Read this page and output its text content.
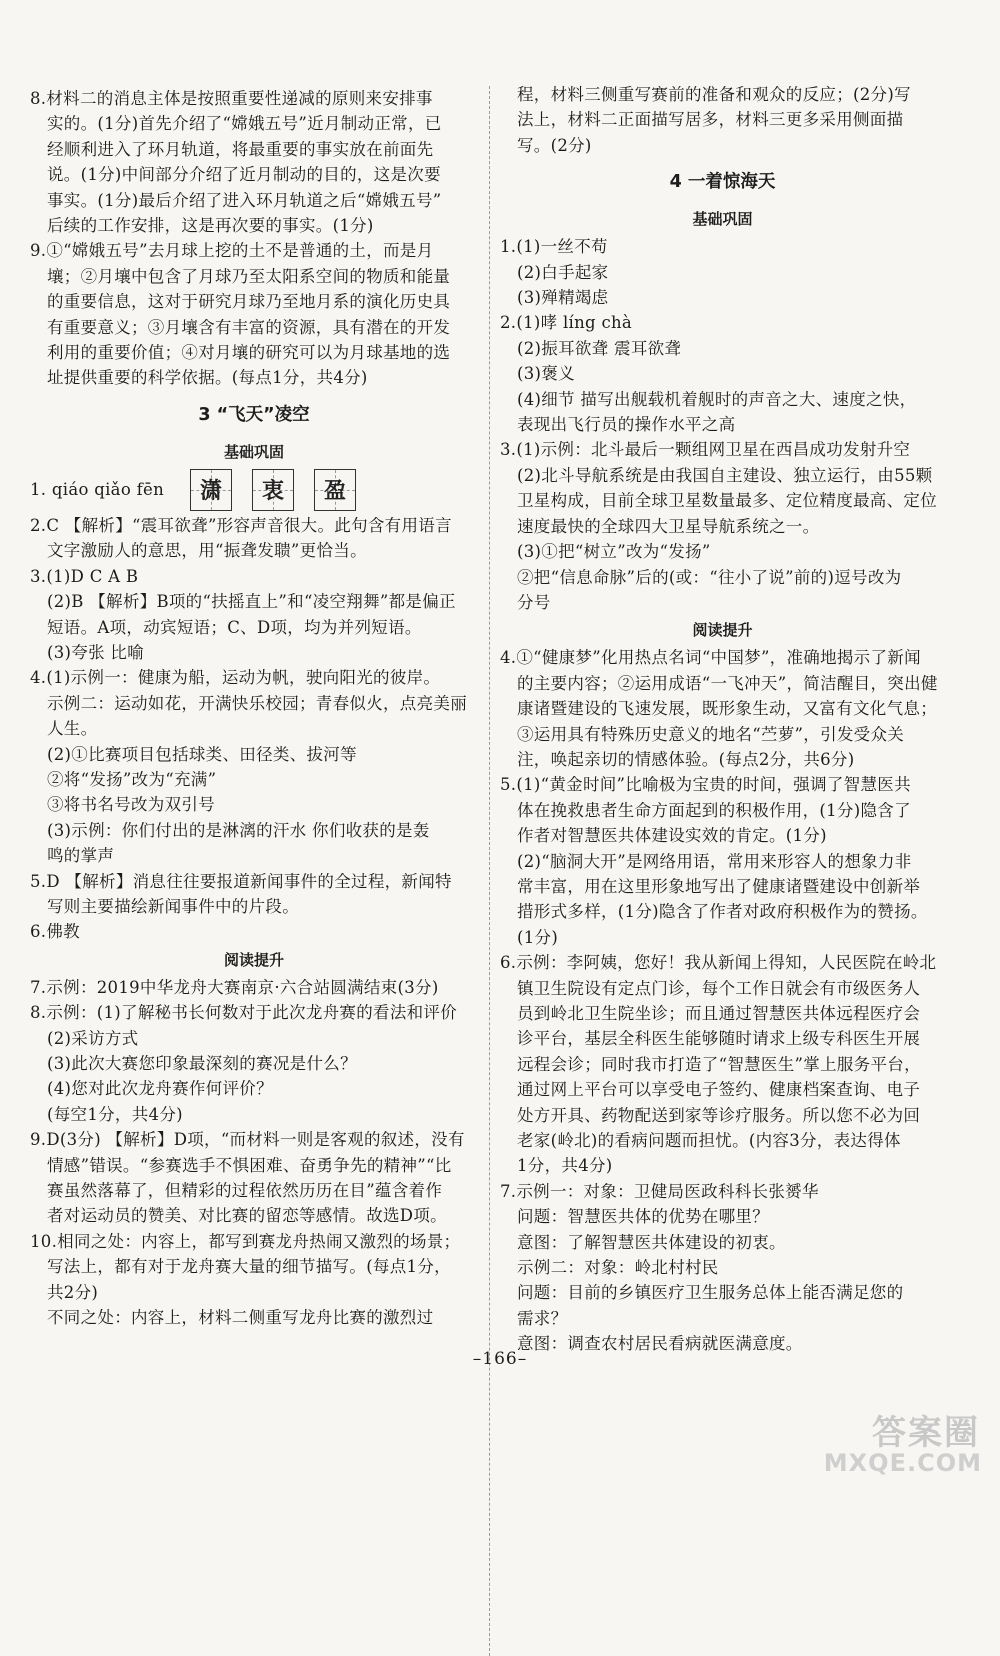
8.材料二的消息主体是按照重要性递减的原则来安排事

实的。(1分)首先介绍了“嫦娥五号”近月制动正常，已

经顺利进入了环月轨道，将最重要的事实放在前面先

说。(1分)中间部分介绍了近月制动的目的，这是次要

事实。(1分)最后介绍了进入环月轨道之后“嫦娥五号”

后续的工作安排，这是再次要的事实。(1分)

9.①“嫦娥五号”去月球上挖的土不是普通的土，而是月

壤；②月壤中包含了月球乃至太阳系空间的物质和能量

的重要信息，这对于研究月球乃至地月系的演化历史具

有重要意义；③月壤含有丰富的资源，具有潜在的开发

利用的重要价值；④对月壤的研究可以为月球基地的选

址提供重要的科学依据。(每点1分，共4分)

3 “飞天”凌空
基础巩固
1. qiáo qiǎo fēn 潇 衷 盈

2.C 【解析】“震耳欲聋”形容声音很大。此句含有用语言

文字激励人的意思，用“振聋发聩”更恰当。

3.(1)D C A B

(2)B 【解析】B项的“扶摇直上”和“凌空翔舞”都是偏正

短语。A项，动宾短语；C、D项，均为并列短语。

(3)夸张 比喻

4.(1)示例一：健康为船，运动为帆，驶向阳光的彼岸。

示例二：运动如花，开满快乐校园；青春似火，点亮美丽

人生。

(2)①比赛项目包括球类、田径类、拔河等

②将“发扬”改为“充满”

③将书名号改为双引号

(3)示例：你们付出的是淋漓的汗水 你们收获的是轰

鸣的掌声

5.D 【解析】消息往往要报道新闻事件的全过程，新闻特

写则主要描绘新闻事件中的片段。

6.佛教

阅读提升

7.示例：2019中华龙舟大赛南京·六合站圆满结束(3分)

8.示例：(1)了解秘书长何数对于此次龙舟赛的看法和评价

(2)采访方式

(3)此次大赛您印象最深刻的赛况是什么？

(4)您对此次龙舟赛作何评价？

(每空1分，共4分)

9.D(3分) 【解析】D项，“而材料一则是客观的叙述，没有

情感”错误。“参赛选手不惧困难、奋勇争先的精神”“比

赛虽然落幕了，但精彩的过程依然历历在目”蕴含着作

者对运动员的赞美、对比赛的留恋等感情。故选D项。

10.相同之处：内容上，都写到赛龙舟热闹又激烈的场景；

写法上，都有对于龙舟赛大量的细节描写。(每点1分，

共2分)

不同之处：内容上，材料二侧重写龙舟比赛的激烈过

程，材料三侧重写赛前的准备和观众的反应；(2分)写

法上，材料二正面描写居多，材料三更多采用侧面描

写。(2分)

4 一着惊海天
基础巩固

1.(1)一丝不苟

(2)白手起家

(3)殚精竭虑

2.(1)哮 líng chà

(2)振耳欲聋 震耳欲聋

(3)褒义

(4)细节 描写出舰载机着舰时的声音之大、速度之快，

表现出飞行员的操作水平之高

3.(1)示例：北斗最后一颗组网卫星在西昌成功发射升空

(2)北斗导航系统是由我国自主建设、独立运行，由55颗

卫星构成，目前全球卫星数量最多、定位精度最高、定位

速度最快的全球四大卫星导航系统之一。

(3)①把“树立”改为“发扬”

②把“信息命脉”后的(或：“往小了说”前的)逗号改为

分号

阅读提升

4.①“健康梦”化用热点名词“中国梦”，准确地揭示了新闻

的主要内容；②运用成语“一飞冲天”，简洁醒目，突出健

康诸暨建设的飞速发展，既形象生动，又富有文化气息；

③运用具有特殊历史意义的地名“苎萝”，引发受众关

注，唤起亲切的情感体验。(每点2分，共6分)

5.(1)“黄金时间”比喻极为宝贵的时间，强调了智慧医共

体在挽救患者生命方面起到的积极作用，(1分)隐含了

作者对智慧医共体建设实效的肯定。(1分)

(2)“脑洞大开”是网络用语，常用来形容人的想象力非

常丰富，用在这里形象地写出了健康诸暨建设中创新举

措形式多样，(1分)隐含了作者对政府积极作为的赞扬。

(1分)

6.示例：李阿姨，您好！我从新闻上得知，人民医院在岭北

镇卫生院设有定点门诊，每个工作日就会有市级医务人

员到岭北卫生院坐诊；而且通过智慧医共体远程医疗会

诊平台，基层全科医生能够随时请求上级专科医生开展

远程会诊；同时我市打造了“智慧医生”掌上服务平台，

通过网上平台可以享受电子签约、健康档案查询、电子

处方开具、药物配送到家等诊疗服务。所以您不必为回

老家(岭北)的看病问题而担忧。(内容3分，表达得体

1分，共4分)

7.示例一：对象：卫健局医政科科长张赟华

问题：智慧医共体的优势在哪里？

意图：了解智慧医共体建设的初衷。

示例二：对象：岭北村村民

问题：目前的乡镇医疗卫生服务总体上能否满足您的

需求？

意图：调查农村居民看病就医满意度。

–166–
答案圈
MXQE.COM
